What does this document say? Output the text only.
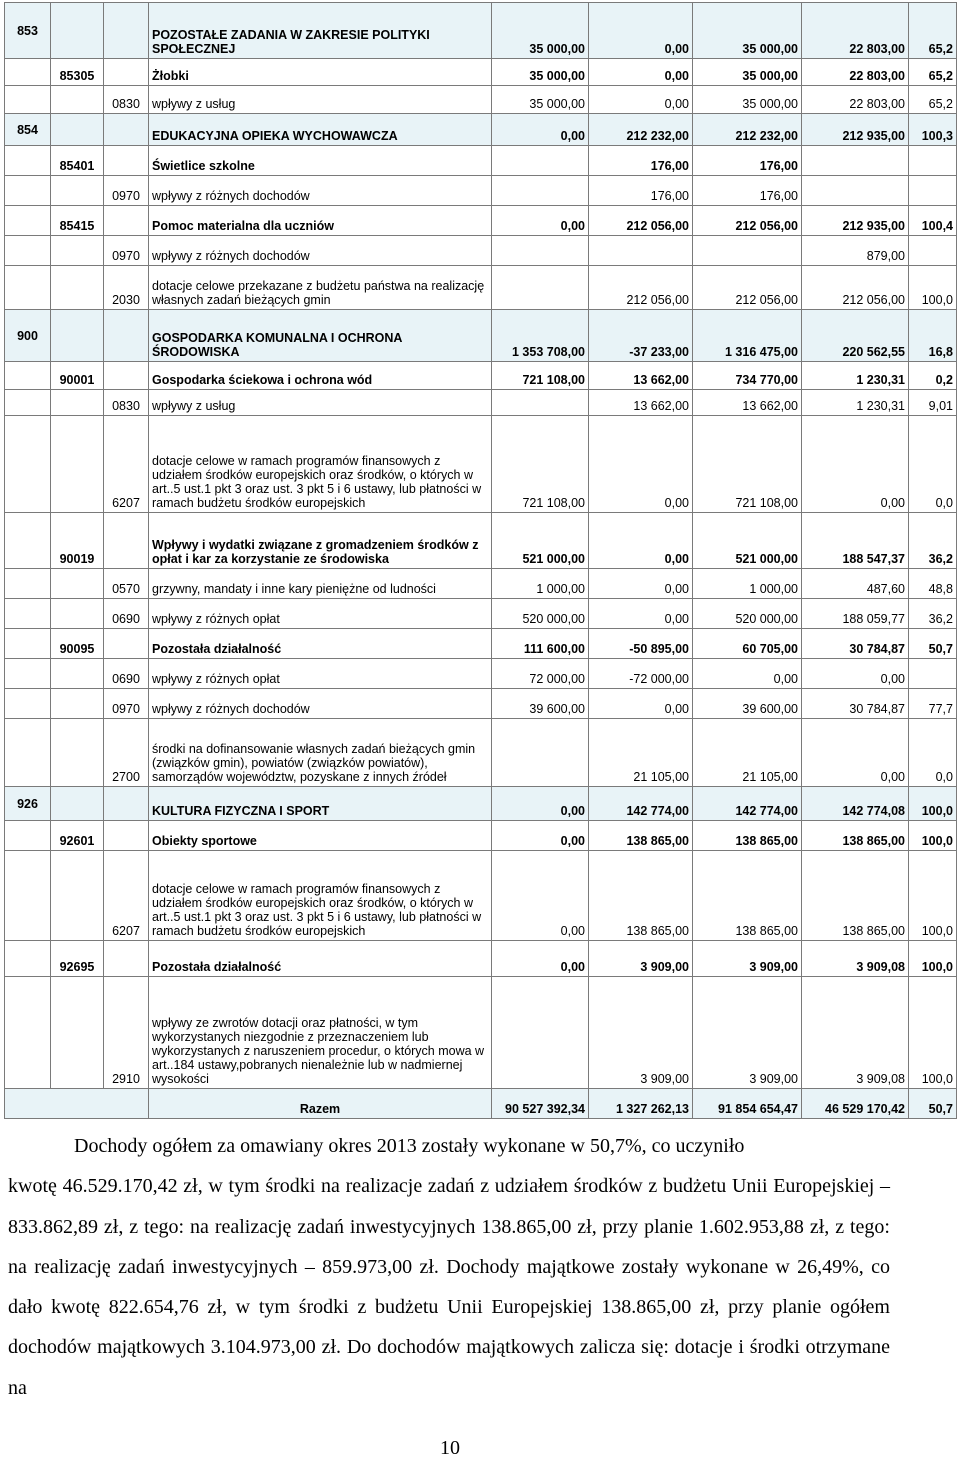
853			POZOSTAŁE ZADANIA W ZAKRESIE POLITYKI SPOŁECZNEJ	35 000,00	0,00	35 000,00	22 803,00	65,2
	85305		Żłobki	35 000,00	0,00	35 000,00	22 803,00	65,2
		0830	wpływy z usług	35 000,00	0,00	35 000,00	22 803,00	65,2
854			EDUKACYJNA OPIEKA WYCHOWAWCZA	0,00	212 232,00	212 232,00	212 935,00	100,3
	85401		Świetlice szkolne		176,00	176,00		
		0970	wpływy z różnych dochodów		176,00	176,00		
	85415		Pomoc materialna dla uczniów	0,00	212 056,00	212 056,00	212 935,00	100,4
		0970	wpływy z różnych dochodów				879,00	
		2030	dotacje celowe przekazane z budżetu państwa na realizację własnych zadań bieżących gmin		212 056,00	212 056,00	212 056,00	100,0
900			GOSPODARKA KOMUNALNA I OCHRONA ŚRODOWISKA	1 353 708,00	-37 233,00	1 316 475,00	220 562,55	16,8
	90001		Gospodarka ściekowa i ochrona wód	721 108,00	13 662,00	734 770,00	1 230,31	0,2
		0830	wpływy z usług		13 662,00	13 662,00	1 230,31	9,01
		6207	dotacje celowe w ramach programów finansowych z udziałem środków europejskich oraz środków, o których w art..5 ust.1 pkt 3 oraz ust. 3 pkt 5 i 6 ustawy, lub płatności w ramach budżetu środków europejskich	721 108,00	0,00	721 108,00	0,00	0,0
	90019		Wpływy i wydatki związane z gromadzeniem środków z opłat i kar za korzystanie ze środowiska	521 000,00	0,00	521 000,00	188 547,37	36,2
		0570	grzywny, mandaty i inne kary pieniężne od ludności	1 000,00	0,00	1 000,00	487,60	48,8
		0690	wpływy z różnych opłat	520 000,00	0,00	520 000,00	188 059,77	36,2
	90095		Pozostała działalność	111 600,00	-50 895,00	60 705,00	30 784,87	50,7
		0690	wpływy z różnych opłat	72 000,00	-72 000,00	0,00	0,00	
		0970	wpływy z różnych dochodów	39 600,00	0,00	39 600,00	30 784,87	77,7
		2700	środki na dofinansowanie własnych zadań bieżących gmin (związków gmin), powiatów (związków powiatów), samorządów województw, pozyskane z innych źródeł		21 105,00	21 105,00	0,00	0,0
926			KULTURA FIZYCZNA I SPORT	0,00	142 774,00	142 774,00	142 774,08	100,0
	92601		Obiekty sportowe	0,00	138 865,00	138 865,00	138 865,00	100,0
		6207	dotacje celowe w ramach programów finansowych z udziałem środków europejskich oraz środków, o których w art..5 ust.1 pkt 3 oraz ust. 3 pkt 5 i 6 ustawy, lub płatności w ramach budżetu środków europejskich	0,00	138 865,00	138 865,00	138 865,00	100,0
	92695		Pozostała działalność	0,00	3 909,00	3 909,00	3 909,08	100,0
		2910	wpływy ze zwrotów dotacji oraz płatności, w tym wykorzystanych niezgodnie z przeznaczeniem lub wykorzystanych z naruszeniem procedur, o których mowa w art..184 ustawy,pobranych nienależnie lub w nadmiernej wysokości		3 909,00	3 909,00	3 909,08	100,0
			Razem	90 527 392,34	1 327 262,13	91 854 654,47	46 529 170,42	50,7
Dochody ogółem za omawiany okres 2013 zostały wykonane w 50,7%, co uczyniło
kwotę 46.529.170,42 zł, w tym środki na realizacje zadań z udziałem środków z budżetu Unii Europejskiej – 833.862,89 zł, z tego: na realizację zadań inwestycyjnych 138.865,00 zł, przy planie 1.602.953,88 zł, z tego: na realizację zadań inwestycyjnych – 859.973,00 zł. Dochody majątkowe zostały wykonane w 26,49%, co dało kwotę 822.654,76 zł, w tym środki z budżetu Unii Europejskiej 138.865,00 zł, przy planie ogółem dochodów majątkowych 3.104.973,00 zł. Do dochodów majątkowych zalicza się: dotacje i środki otrzymane na
10
